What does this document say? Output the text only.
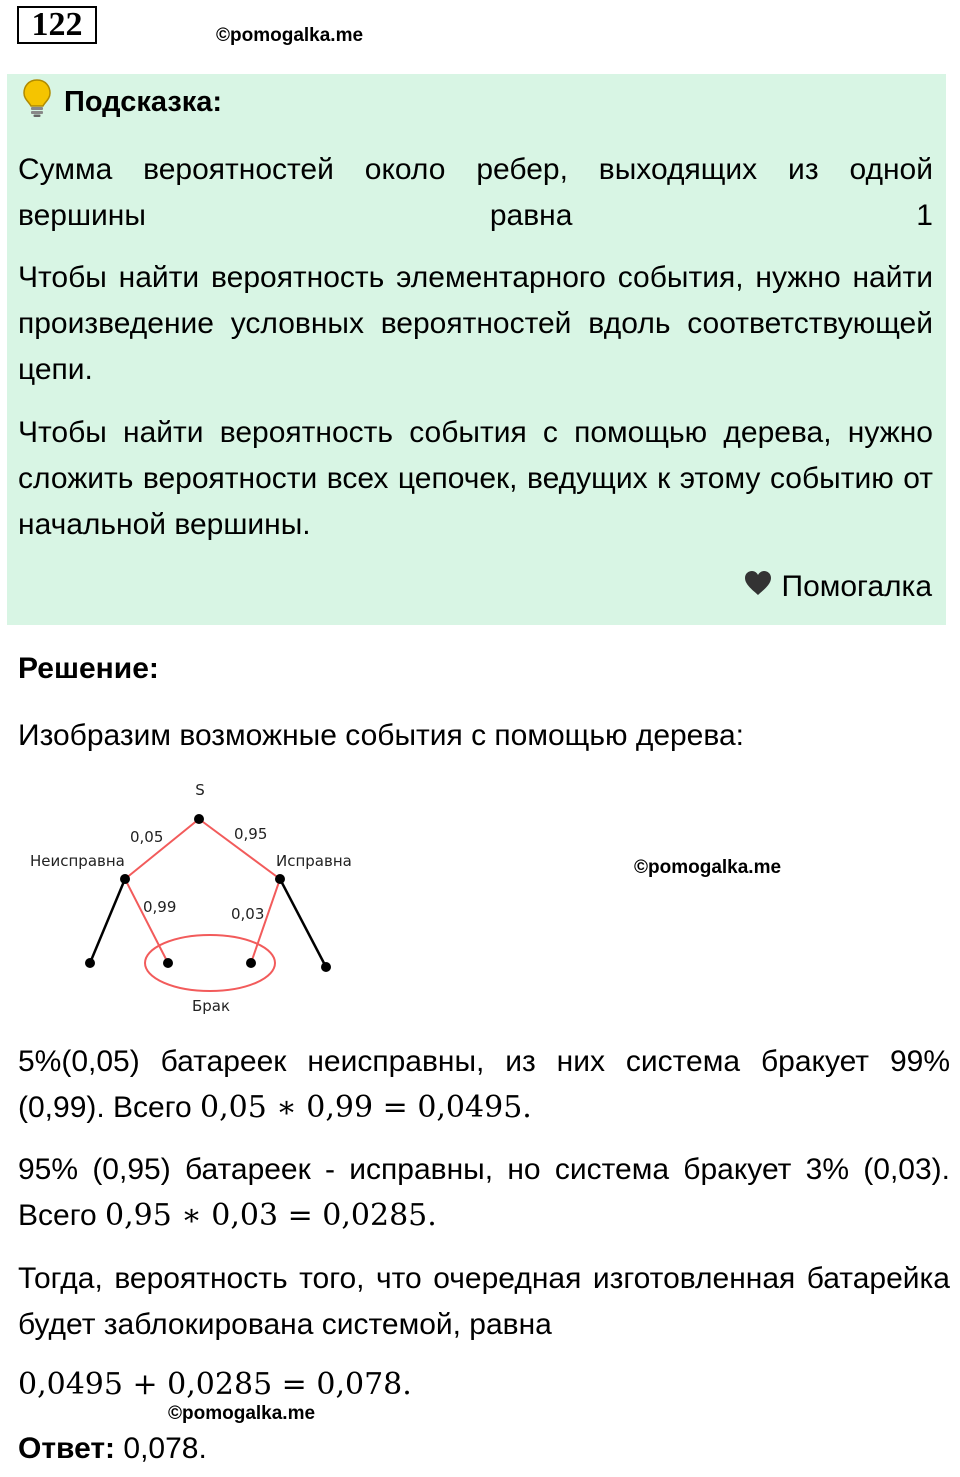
122	©pomogalka.me
Подсказка:
Сумма вероятностей около ребер, выходящих из одной вершины равна 1
Чтобы найти вероятность элементарного события, нужно найти произведение условных вероятностей вдоль соответствующей цепи.
Чтобы найти вероятность события с помощью дерева, нужно сложить вероятности всех цепочек, ведущих к этому событию от начальной вершины.
Помогалка
Решение:
Изобразим возможные события с помощью дерева:
S
Неисправна	Исправна
0,05	0,95
0,99	0,03
Брак
©pomogalka.me
5%(0,05) батареек неисправны, из них система бракует 99% (0,99). Всего 0,05 ∗ 0,99 = 0,0495.
95% (0,95) батареек - исправны, но система бракует 3% (0,03). Всего 0,95 ∗ 0,03 = 0,0285.
Тогда, вероятность того, что очередная изготовленная батарейка будет заблокирована системой, равна
0,0495 + 0,0285 = 0,078.
©pomogalka.me
Ответ: 0,078.
